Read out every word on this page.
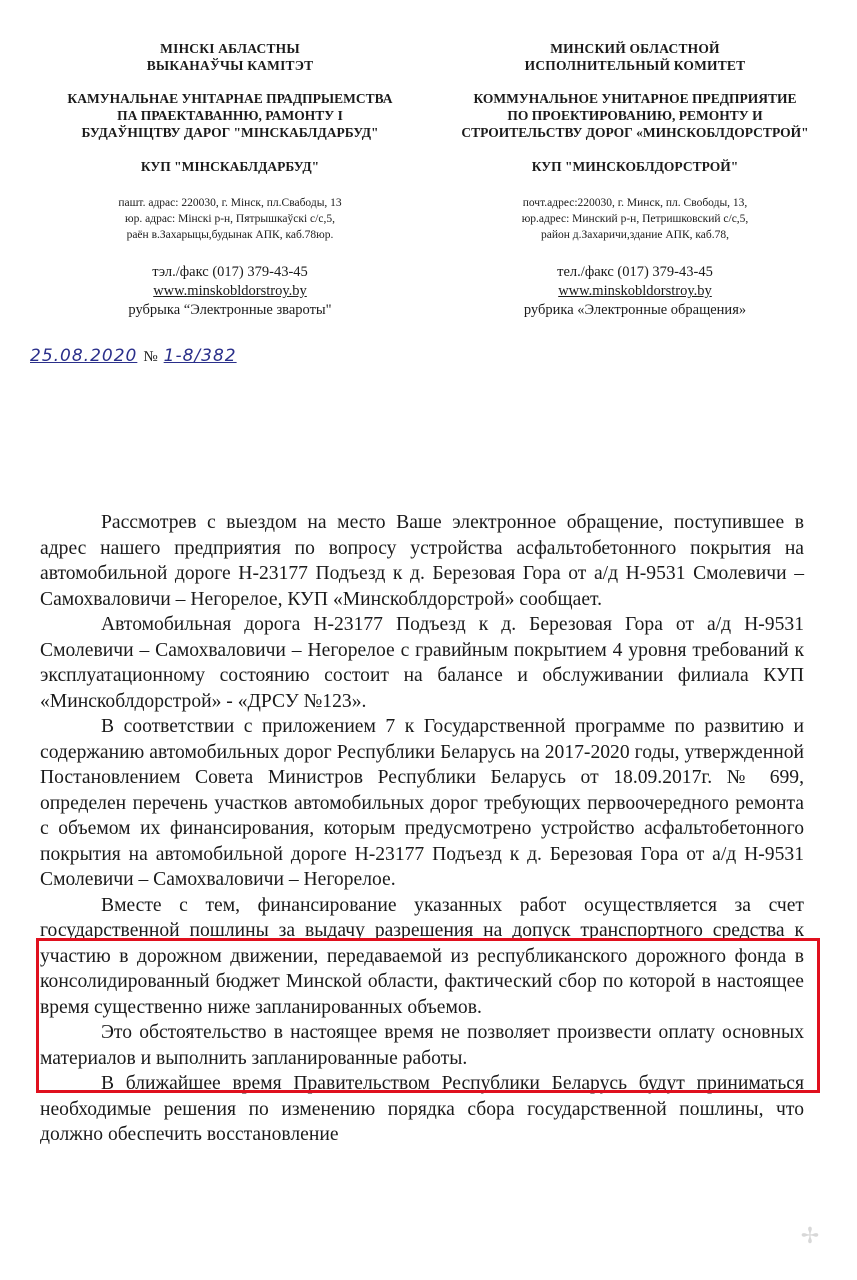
МІНСКІ АБЛАСТНЫ
ВЫКАНАЎЧЫ КАМІТЭТ
КАМУНАЛЬНАЕ УНІТАРНАЕ ПРАДПРЫЕМСТВА
ПА ПРАЕКТАВАННЮ, РАМОНТУ І
БУДАЎНІЦТВУ ДАРОГ "МІНСКАБЛДАРБУД"
КУП "МІНСКАБЛДАРБУД"
пашт. адрас: 220030, г. Мінск, пл.Свабоды, 13
юр. адрас: Мінскі р-н, Пятрышкаўскі с/с,5,
раён в.Захарыцы,будынак АПК, каб.78юр.
тэл./факс (017) 379-43-45
www.minskobldorstroy.by
рубрыка “Электронные звароты"
МИНСКИЙ ОБЛАСТНОЙ
ИСПОЛНИТЕЛЬНЫЙ КОМИТЕТ
КОММУНАЛЬНОЕ УНИТАРНОЕ ПРЕДПРИЯТИЕ
ПО ПРОЕКТИРОВАНИЮ, РЕМОНТУ И
СТРОИТЕЛЬСТВУ ДОРОГ «МИНСКОБЛДОРСТРОЙ"
КУП "МИНСКОБЛДОРСТРОЙ"
почт.адрес:220030, г. Минск, пл. Свободы, 13,
юр.адрес: Минский р-н, Петришковский с/с,5,
район д.Захаричи,здание АПК, каб.78,
тел./факс (017) 379-43-45
www.minskobldorstroy.by
рубрика «Электронные обращения»
25.08.2020 № 1-8/382

Рассмотрев с выездом на место Ваше электронное обращение, поступившее в адрес нашего предприятия по вопросу устройства асфальтобетонного покрытия на автомобильной дороге Н-23177 Подъезд к д. Березовая Гора от а/д Н-9531 Смолевичи – Самохваловичи – Негорелое, КУП «Минскоблдорстрой» сообщает.

Автомобильная дорога Н-23177 Подъезд к д. Березовая Гора от а/д Н-9531 Смолевичи – Самохваловичи – Негорелое с гравийным покрытием 4 уровня требований к эксплуатационному состоянию состоит на балансе и обслуживании филиала КУП «Минскоблдорстрой» - «ДРСУ №123».

В соответствии с приложением 7 к Государственной программе по развитию и содержанию автомобильных дорог Республики Беларусь на 2017-2020 годы, утвержденной Постановлением Совета Министров Республики Беларусь от 18.09.2017г. № 699, определен перечень участков автомобильных дорог требующих первоочередного ремонта с объемом их финансирования, которым предусмотрено устройство асфальтобетонного покрытия на автомобильной дороге Н-23177 Подъезд к д. Березовая Гора от а/д Н-9531 Смолевичи – Самохваловичи – Негорелое.

Вместе с тем, финансирование указанных работ осуществляется за счет государственной пошлины за выдачу разрешения на допуск транспортного средства к участию в дорожном движении, передаваемой из республиканского дорожного фонда в консолидированный бюджет Минской области, фактический сбор по которой в настоящее время существенно ниже запланированных объемов.

Это обстоятельство в настоящее время не позволяет произвести оплату основных материалов и выполнить запланированные работы.

В ближайшее время Правительством Республики Беларусь будут приниматься необходимые решения по изменению порядка сбора государственной пошлины, что должно обеспечить восстановление

✢
